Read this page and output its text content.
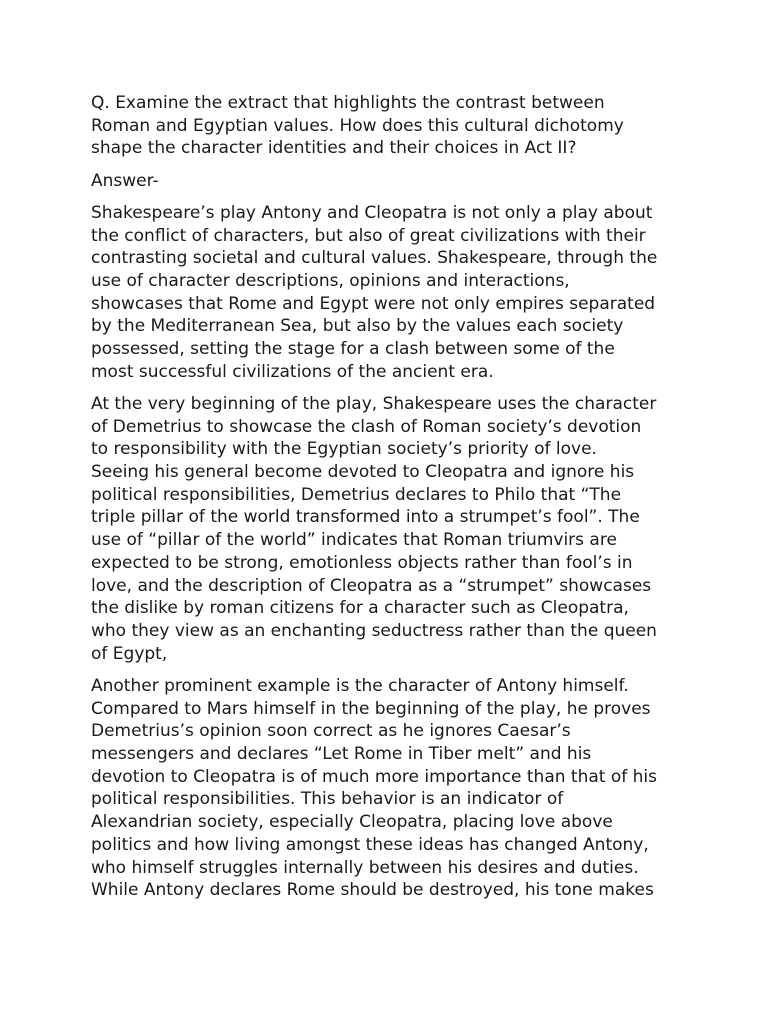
Q. Examine the extract that highlights the contrast between
Roman and Egyptian values. How does this cultural dichotomy
shape the character identities and their choices in Act II?
Answer-
Shakespeare’s play Antony and Cleopatra is not only a play about
the conflict of characters, but also of great civilizations with their
contrasting societal and cultural values. Shakespeare, through the
use of character descriptions, opinions and interactions,
showcases that Rome and Egypt were not only empires separated
by the Mediterranean Sea, but also by the values each society
possessed, setting the stage for a clash between some of the
most successful civilizations of the ancient era.
At the very beginning of the play, Shakespeare uses the character
of Demetrius to showcase the clash of Roman society’s devotion
to responsibility with the Egyptian society’s priority of love.
Seeing his general become devoted to Cleopatra and ignore his
political responsibilities, Demetrius declares to Philo that “The
triple pillar of the world transformed into a strumpet’s fool”. The
use of “pillar of the world” indicates that Roman triumvirs are
expected to be strong, emotionless objects rather than fool’s in
love, and the description of Cleopatra as a “strumpet” showcases
the dislike by roman citizens for a character such as Cleopatra,
who they view as an enchanting seductress rather than the queen
of Egypt,
Another prominent example is the character of Antony himself.
Compared to Mars himself in the beginning of the play, he proves
Demetrius’s opinion soon correct as he ignores Caesar’s
messengers and declares “Let Rome in Tiber melt” and his
devotion to Cleopatra is of much more importance than that of his
political responsibilities. This behavior is an indicator of
Alexandrian society, especially Cleopatra, placing love above
politics and how living amongst these ideas has changed Antony,
who himself struggles internally between his desires and duties.
While Antony declares Rome should be destroyed, his tone makes
